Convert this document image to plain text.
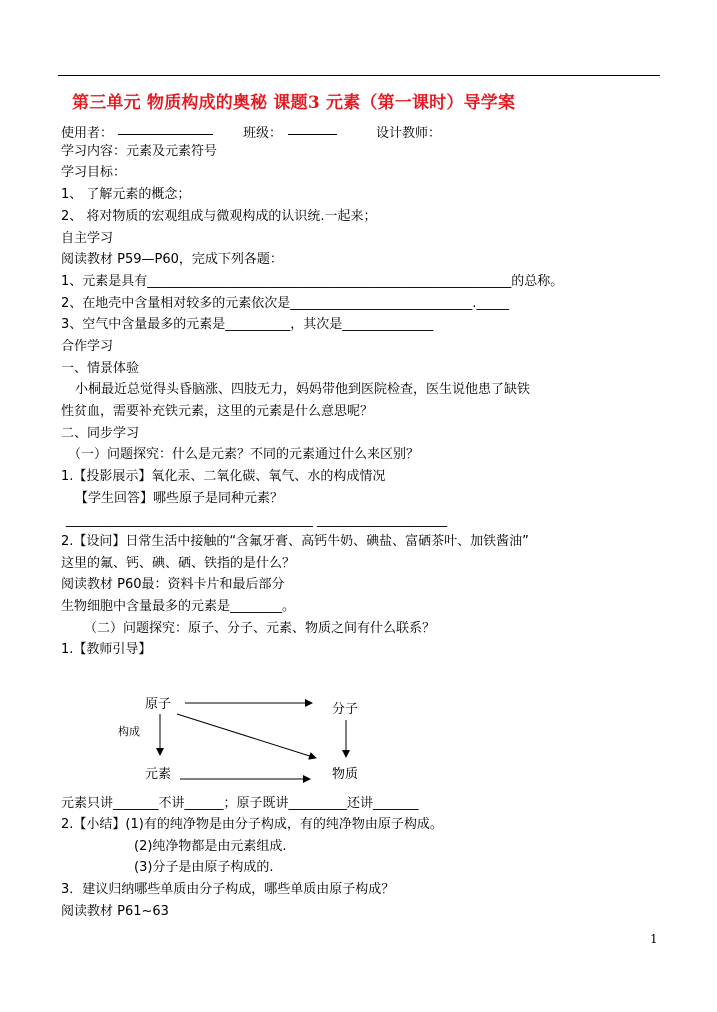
第三单元 物质构成的奥秘 课题3 元素（第一课时）导学案
使用者：	班级：	设计教师：
学习内容：元素及元素符号
学习目标：
1、 了解元素的概念；
2、 将对物质的宏观组成与微观构成的认识统.一起来；
自主学习
阅读教材 P59—P60，完成下列各题：
1、元素是具有________________________________________________________的总称。
2、在地壳中含量相对较多的元素依次是____________________________._____
3、空气中含量最多的元素是__________，其次是______________
合作学习
一、情景体验
小桐最近总觉得头昏脑涨、四肢无力，妈妈带他到医院检查，医生说他患了缺铁
性贫血，需要补充铁元素，这里的元素是什么意思呢？
二、同步学习
（一）问题探究：什么是元素？不同的元素通过什么来区别？
1.【投影展示】氧化汞、二氧化碳、氧气、水的构成情况
【学生回答】哪些原子是同种元素？
______________________________________ ____________________
2.【设问】日常生活中接触的“含氟牙膏、高钙牛奶、碘盐、富硒茶叶、加铁酱油”
这里的氟、钙、碘、硒、铁指的是什么？
阅读教材 P60最：资料卡片和最后部分
生物细胞中含量最多的元素是________。
（二）问题探究：原子、分子、元素、物质之间有什么联系？
1.【教师引导】
原子	分子
元素	物质
构成
元素只讲_______不讲______；原子既讲_________还讲_______
2.【小结】(1)有的纯净物是由分子构成，有的纯净物由原子构成。
(2)纯净物都是由元素组成.
(3)分子是由原子构成的.
3．建议归纳哪些单质由分子构成，哪些单质由原子构成？
阅读教材 P61~63
1
